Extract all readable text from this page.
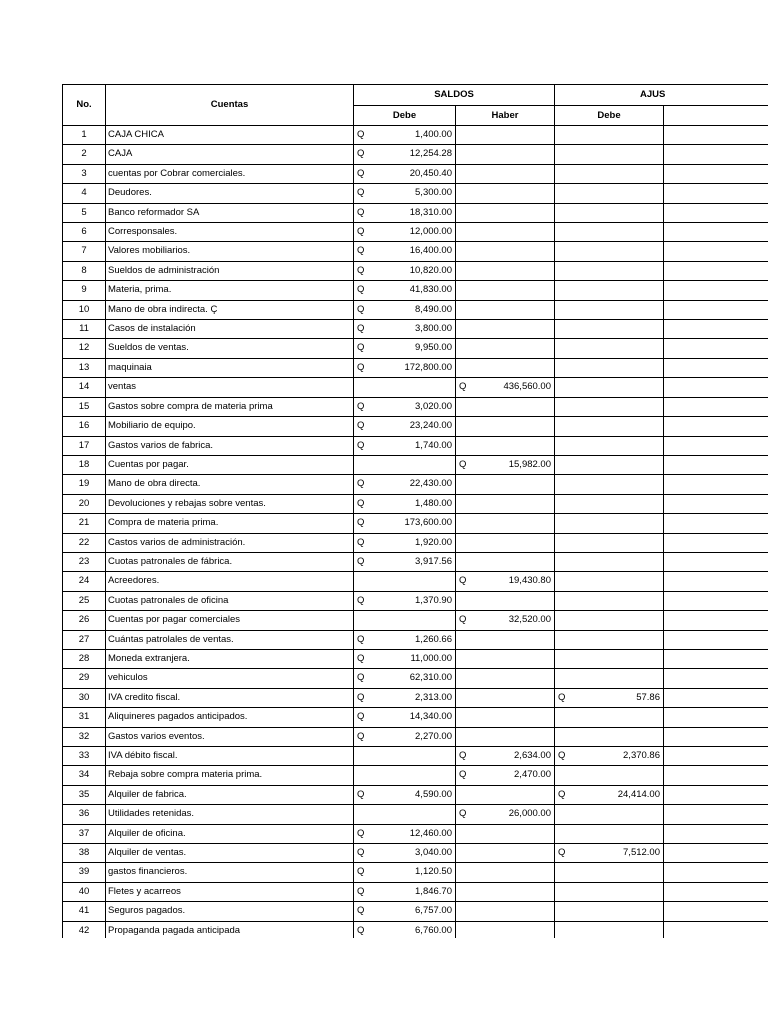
No.	Cuentas	SALDOS		AJUS	
		Debe	Haber	Debe	
1	CAJA CHICA	Q 1,400.00			

2	CAJA	Q 12,254.28			

3	cuentas por Cobrar comerciales.	Q 20,450.40			

4	Deudores.	Q 5,300.00			

5	Banco reformador SA	Q 18,310.00			

6	Corresponsales.	Q 12,000.00			

7	Valores mobiliarios.	Q 16,400.00			

8	Sueldos de administración	Q 10,820.00			

9	Materia, prima.	Q 41,830.00			

10	Mano de obra indirecta. Ç	Q 8,490.00			

11	Casos de instalación	Q 3,800.00			

12	Sueldos de ventas.	Q 9,950.00			

13	maquinaia	Q 172,800.00			

14	ventas		Q 436,560.00		

15	Gastos sobre compra de materia prima	Q 3,020.00			

16	Mobiliario de equipo.	Q 23,240.00			

17	Gastos varios de fabrica.	Q 1,740.00			

18	Cuentas por pagar.		Q 15,982.00		

19	Mano de obra directa.	Q 22,430.00			

20	Devoluciones y rebajas sobre ventas.	Q 1,480.00			

21	Compra de materia prima.	Q 173,600.00			

22	Castos varios de administración.	Q 1,920.00			

23	Cuotas patronales de fábrica.	Q 3,917.56			

24	Acreedores.		Q 19,430.80		

25	Cuotas patronales de oficina	Q 1,370.90			

26	Cuentas por pagar comerciales		Q 32,520.00		

27	Cuántas patrolales de ventas.	Q 1,260.66			

28	Moneda extranjera.	Q 11,000.00			

29	vehiculos	Q 62,310.00			

30	IVA credito fiscal.	Q 2,313.00		Q 57.86	

31	Aliquineres pagados anticipados.	Q 14,340.00			

32	Gastos varios eventos.	Q 2,270.00			

33	IVA débito fiscal.		Q 2,634.00	Q 2,370.86	

34	Rebaja sobre compra materia prima.		Q 2,470.00		

35	Alquiler de fabrica.	Q 4,590.00		Q 24,414.00	

36	Utilidades retenidas.		Q 26,000.00		

37	Alquiler de oficina.	Q 12,460.00			

38	Alquiler de ventas.	Q 3,040.00		Q 7,512.00	

39	gastos financieros.	Q 1,120.50			

40	Fletes y acarreos	Q 1,846.70			

41	Seguros pagados.	Q 6,757.00			

42	Propaganda pagada anticipada	Q 6,760.00			
